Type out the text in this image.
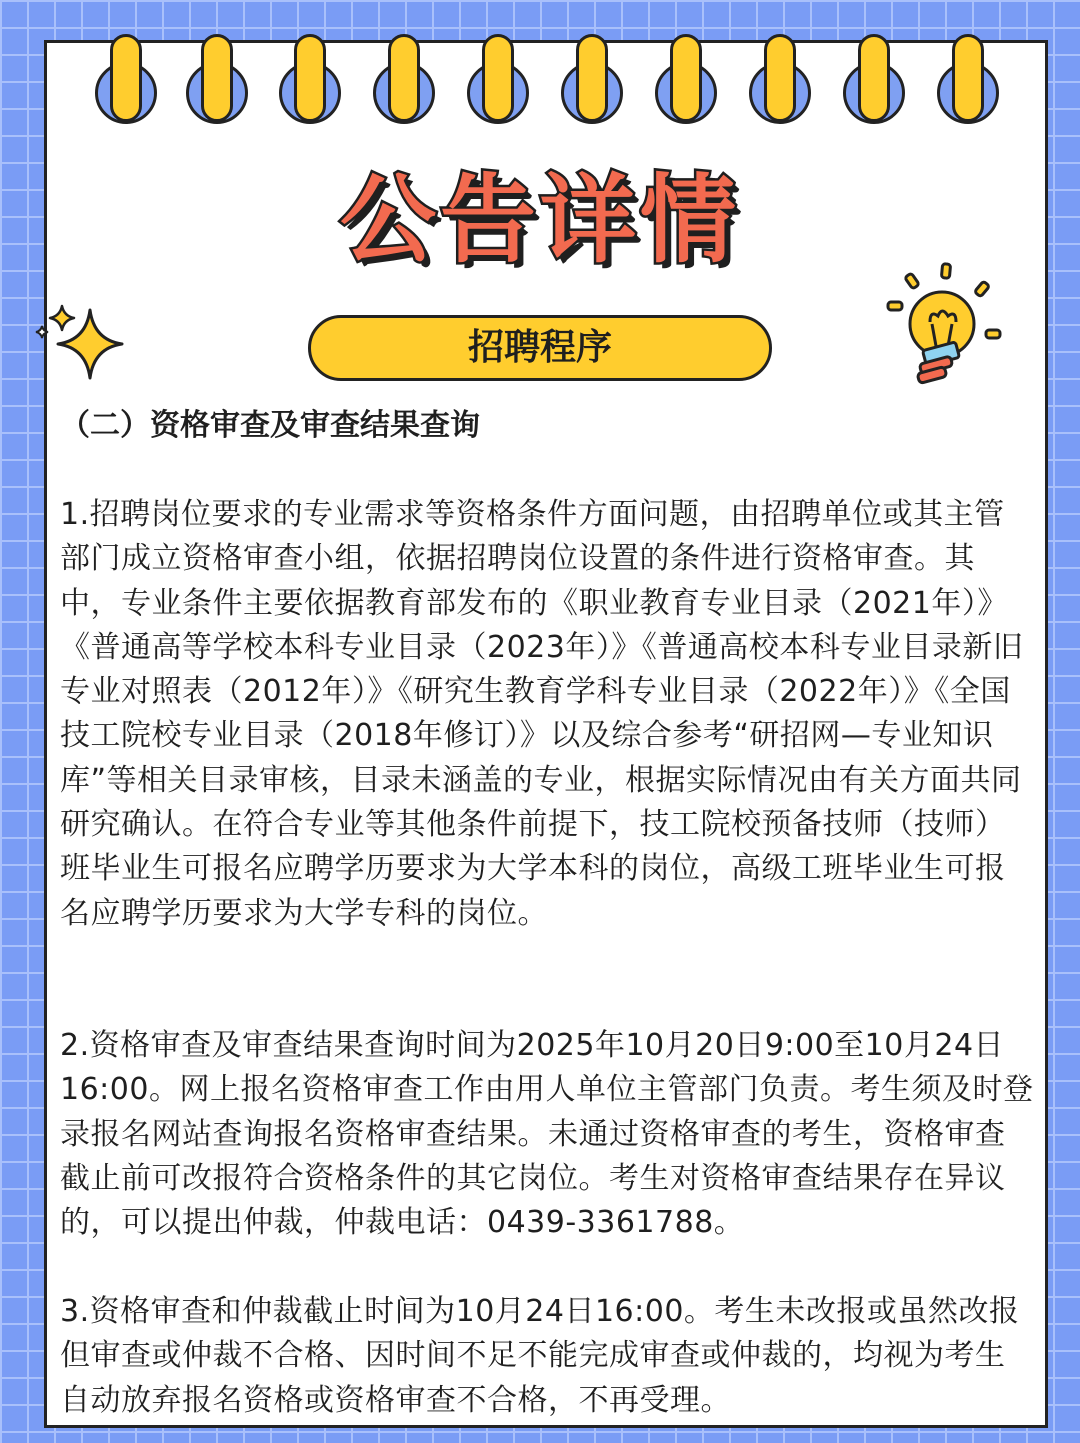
公告详情
招聘程序
（二）资格审查及审查结果查询
1.招聘岗位要求的专业需求等资格条件方面问题，由招聘单位或其主管部门成立资格审查小组，依据招聘岗位设置的条件进行资格审查。其中，专业条件主要依据教育部发布的《职业教育专业目录（2021年）》《普通高等学校本科专业目录（2023年）》《普通高校本科专业目录新旧专业对照表（2012年）》《研究生教育学科专业目录（2022年）》《全国技工院校专业目录（2018年修订）》以及综合参考“研招网—专业知识库”等相关目录审核，目录未涵盖的专业，根据实际情况由有关方面共同研究确认。在符合专业等其他条件前提下，技工院校预备技师（技师）班毕业生可报名应聘学历要求为大学本科的岗位，高级工班毕业生可报名应聘学历要求为大学专科的岗位。
2.资格审查及审查结果查询时间为2025年10月20日9:00至10月24日16:00。网上报名资格审查工作由用人单位主管部门负责。考生须及时登录报名网站查询报名资格审查结果。未通过资格审查的考生，资格审查截止前可改报符合资格条件的其它岗位。考生对资格审查结果存在异议的，可以提出仲裁，仲裁电话：0439-3361788。
3.资格审查和仲裁截止时间为10月24日16:00。考生未改报或虽然改报但审查或仲裁不合格、因时间不足不能完成审查或仲裁的，均视为考生自动放弃报名资格或资格审查不合格，不再受理。
